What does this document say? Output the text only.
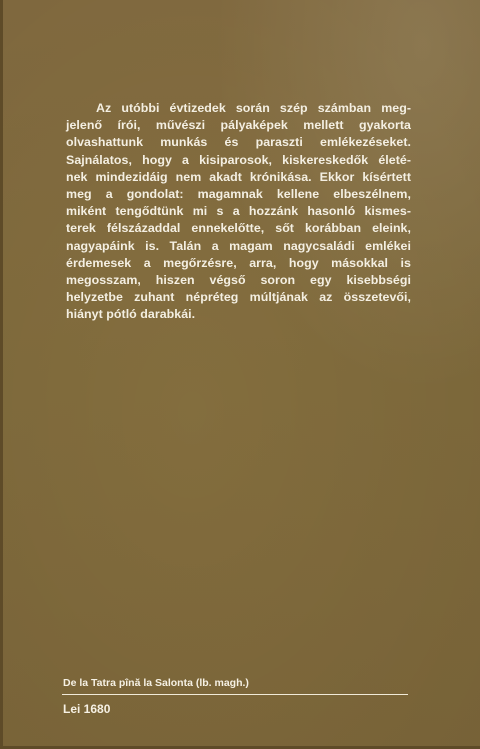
Az utóbbi évtizedek során szép számban meg-
jelenő írói, művészi pályaképek mellett gyakorta
olvashattunk munkás és paraszti emlékezéseket.
Sajnálatos, hogy a kisiparosok, kiskereskedők életé-
nek mindezidáig nem akadt krónikása. Ekkor kísértett
meg a gondolat: magamnak kellene elbeszélnem,
miként tengődtünk mi s a hozzánk hasonló kismes-
terek félszázaddal ennekelőtte, sőt korábban eleink,
nagyapáink is. Talán a magam nagycsaládi emlékei
érdemesek a megőrzésre, arra, hogy másokkal is
megosszam, hiszen végső soron egy kisebbségi
helyzetbe zuhant népréteg múltjának az összetevői,
hiányt pótló darabkái.
De la Tatra pînă la Salonta (lb. magh.)
Lei 1680
